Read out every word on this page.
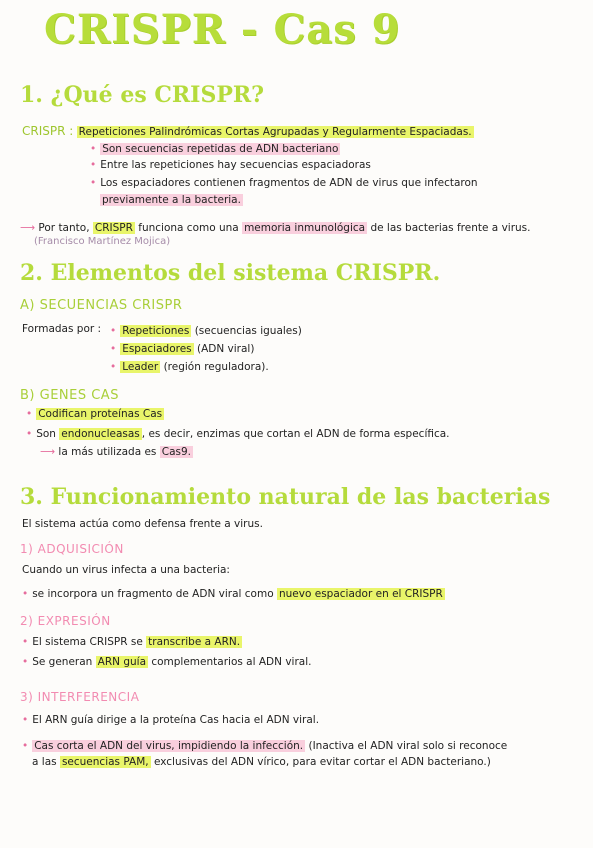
CRISPR - Cas 9
1. ¿Qué es CRISPR?
CRISPR : Repeticiones Palindrómicas Cortas Agrupadas y Regularmente Espaciadas.
• Son secuencias repetidas de ADN bacteriano
• Entre las repeticiones hay secuencias espaciadoras
• Los espaciadores contienen fragmentos de ADN de virus que infectaron
previamente a la bacteria.
⟶ Por tanto, CRISPR funciona como una memoria inmunológica de las bacterias frente a virus.
(Francisco Martínez Mojica)
2. Elementos del sistema CRISPR.
A) SECUENCIAS CRISPR
Formadas por : • Repeticiones (secuencias iguales)
• Espaciadores (ADN viral)
• Leader (región reguladora).
B) GENES CAS
• Codifican proteínas Cas
• Son endonucleasas , es decir, enzimas que cortan el ADN de forma específica.
⟶ la más utilizada es Cas9.
3. Funcionamiento natural de las bacterias
El sistema actúa como defensa frente a virus.
1) ADQUISICIÓN
Cuando un virus infecta a una bacteria:
• se incorpora un fragmento de ADN viral como nuevo espaciador en el CRISPR
2) EXPRESIÓN
• El sistema CRISPR se transcribe a ARN.
• Se generan ARN guía complementarios al ADN viral.
3) INTERFERENCIA
• El ARN guía dirige a la proteína Cas hacia el ADN viral.
• Cas corta el ADN del virus, impidiendo la infección. (Inactiva el ADN viral solo si reconoce
a las secuencias PAM, exclusivas del ADN vírico, para evitar cortar el ADN bacteriano.)
